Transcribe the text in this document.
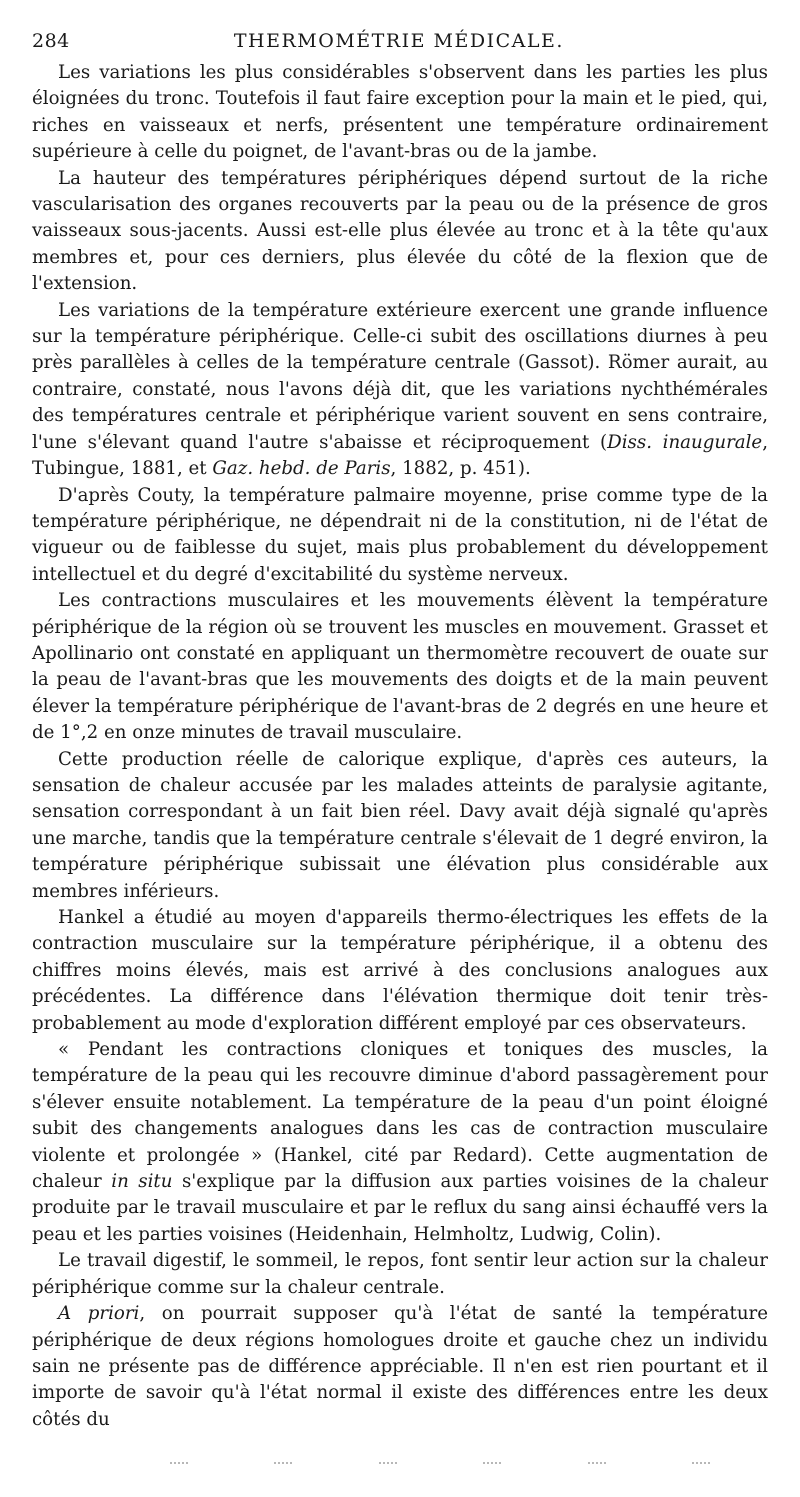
284	THERMOMÉTRIE MÉDICALE.

Les variations les plus considérables s'observent dans les parties les plus éloignées du tronc. Toutefois il faut faire exception pour la main et le pied, qui, riches en vaisseaux et nerfs, présentent une température ordinairement supérieure à celle du poignet, de l'avant-bras ou de la jambe.

La hauteur des températures périphériques dépend surtout de la riche vascularisation des organes recouverts par la peau ou de la présence de gros vaisseaux sous-jacents. Aussi est-elle plus élevée au tronc et à la tête qu'aux membres et, pour ces derniers, plus élevée du côté de la flexion que de l'extension.

Les variations de la température extérieure exercent une grande influence sur la température périphérique. Celle-ci subit des oscillations diurnes à peu près parallèles à celles de la température centrale (Gassot). Römer aurait, au contraire, constaté, nous l'avons déjà dit, que les variations nychthémérales des températures centrale et périphérique varient souvent en sens contraire, l'une s'élevant quand l'autre s'abaisse et réciproquement (Diss. inaugurale, Tubingue, 1881, et Gaz. hebd. de Paris, 1882, p. 451).

D'après Couty, la température palmaire moyenne, prise comme type de la température périphérique, ne dépendrait ni de la constitution, ni de l'état de vigueur ou de faiblesse du sujet, mais plus probablement du développement intellectuel et du degré d'excitabilité du système nerveux.

Les contractions musculaires et les mouvements élèvent la température périphérique de la région où se trouvent les muscles en mouvement. Grasset et Apollinario ont constaté en appliquant un thermomètre recouvert de ouate sur la peau de l'avant-bras que les mouvements des doigts et de la main peuvent élever la température périphérique de l'avant-bras de 2 degrés en une heure et de 1°,2 en onze minutes de travail musculaire.

Cette production réelle de calorique explique, d'après ces auteurs, la sensation de chaleur accusée par les malades atteints de paralysie agitante, sensation correspondant à un fait bien réel. Davy avait déjà signalé qu'après une marche, tandis que la température centrale s'élevait de 1 degré environ, la température périphérique subissait une élévation plus considérable aux membres inférieurs.

Hankel a étudié au moyen d'appareils thermo-électriques les effets de la contraction musculaire sur la température périphérique, il a obtenu des chiffres moins élevés, mais est arrivé à des conclusions analogues aux précédentes. La différence dans l'élévation thermique doit tenir très-probablement au mode d'exploration différent employé par ces observateurs.

« Pendant les contractions cloniques et toniques des muscles, la température de la peau qui les recouvre diminue d'abord passagèrement pour s'élever ensuite notablement. La température de la peau d'un point éloigné subit des changements analogues dans les cas de contraction musculaire violente et prolongée » (Hankel, cité par Redard). Cette augmentation de chaleur in situ s'explique par la diffusion aux parties voisines de la chaleur produite par le travail musculaire et par le reflux du sang ainsi échauffé vers la peau et les parties voisines (Heidenhain, Helmholtz, Ludwig, Colin).

Le travail digestif, le sommeil, le repos, font sentir leur action sur la chaleur périphérique comme sur la chaleur centrale.

A priori, on pourrait supposer qu'à l'état de santé la température périphérique de deux régions homologues droite et gauche chez un individu sain ne présente pas de différence appréciable. Il n'en est rien pourtant et il importe de savoir qu'à l'état normal il existe des différences entre les deux côtés du
